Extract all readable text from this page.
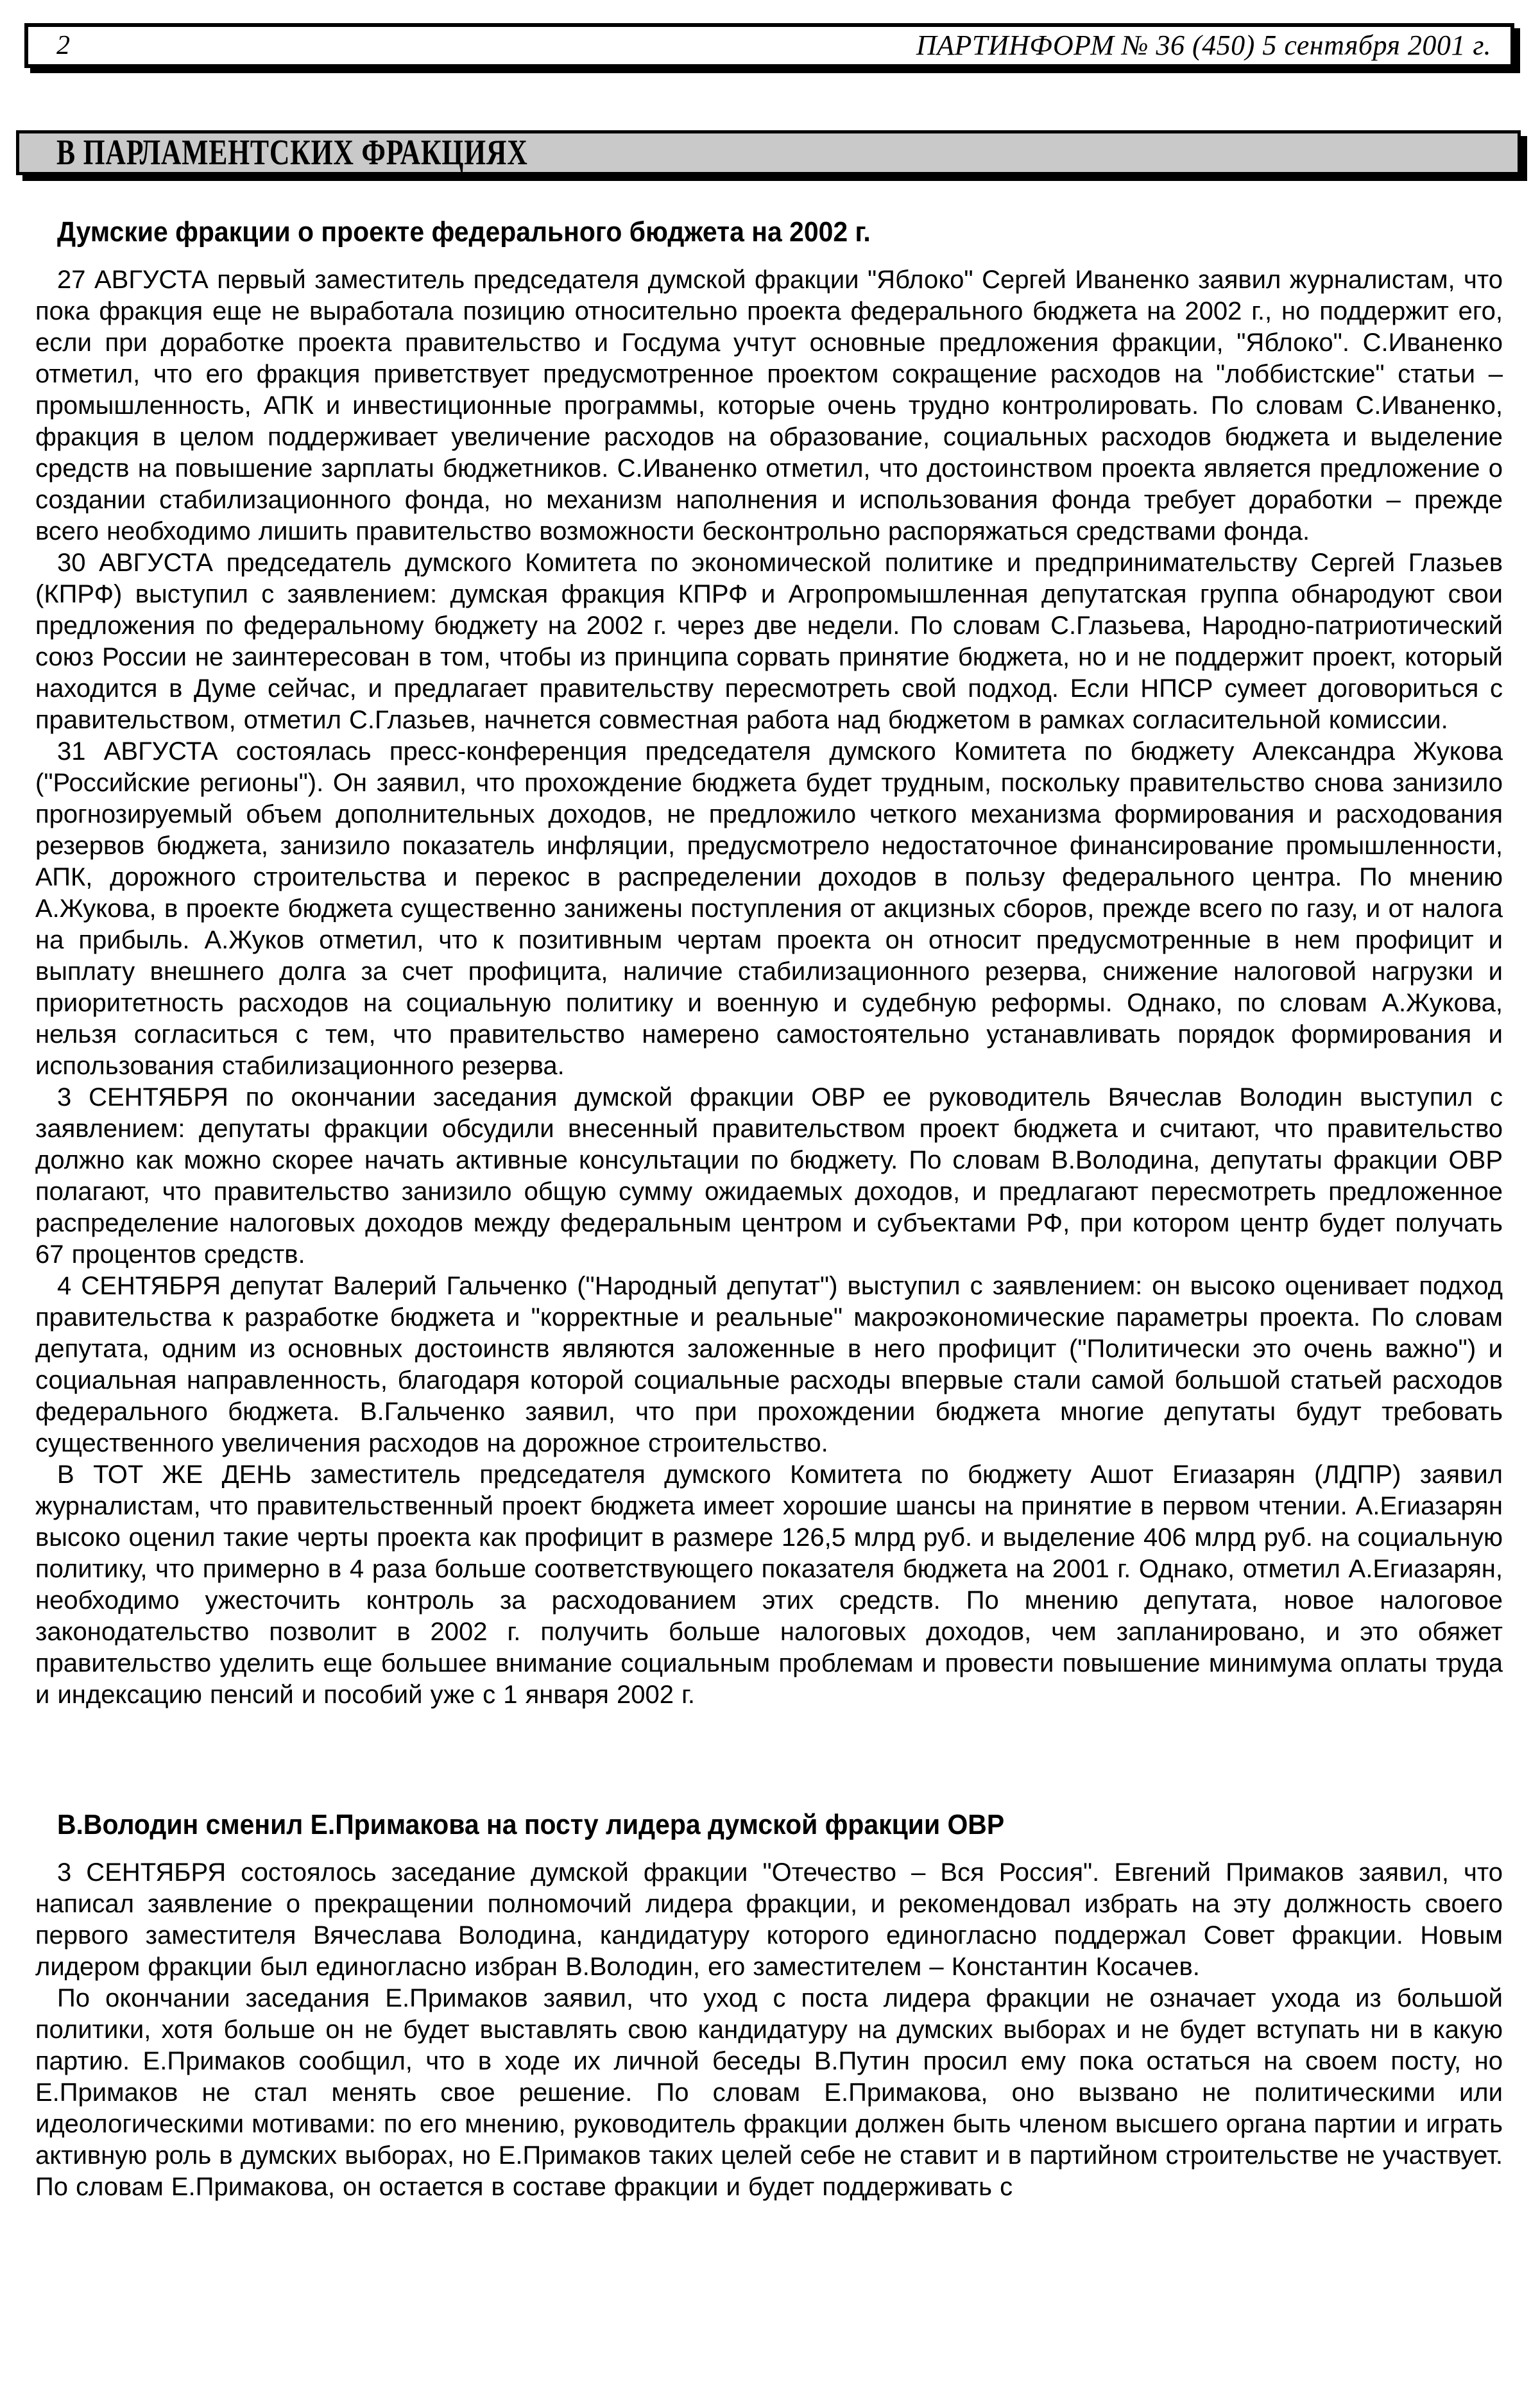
2	ПАРТИНФОРМ № 36 (450) 5 сентября 2001 г.
В ПАРЛАМЕНТСКИХ ФРАКЦИЯХ
Думские фракции о проекте федерального бюджета на 2002 г.

27 АВГУСТА первый заместитель председателя думской фракции "Яблоко" Сергей Иваненко заявил журналистам, что пока фракция еще не выработала позицию относительно проекта федерального бюджета на 2002 г., но поддержит его, если при доработке проекта правительство и Госдума учтут основные предложения фракции, "Яблоко". С.Иваненко отметил, что его фракция приветствует предусмотренное проектом сокращение расходов на "лоббистские" статьи – промышленность, АПК и инвестиционные программы, которые очень трудно контролировать. По словам С.Иваненко, фракция в целом поддерживает увеличение расходов на образование, социальных расходов бюджета и выделение средств на повышение зарплаты бюджетников. С.Иваненко отметил, что достоинством проекта является предложение о создании стабилизационного фонда, но механизм наполнения и использования фонда требует доработки – прежде всего необходимо лишить правительство возможности бесконтрольно распоряжаться средствами фонда.

30 АВГУСТА председатель думского Комитета по экономической политике и предпринимательству Сергей Глазьев (КПРФ) выступил с заявлением: думская фракция КПРФ и Агропромышленная депутатская группа обнародуют свои предложения по федеральному бюджету на 2002 г. через две недели. По словам С.Глазьева, Народно-патриотический союз России не заинтересован в том, чтобы из принципа сорвать принятие бюджета, но и не поддержит проект, который находится в Думе сейчас, и предлагает правительству пересмотреть свой подход. Если НПСР сумеет договориться с правительством, отметил С.Глазьев, начнется совместная работа над бюджетом в рамках согласительной комиссии.

31 АВГУСТА состоялась пресс-конференция председателя думского Комитета по бюджету Александра Жукова ("Российские регионы"). Он заявил, что прохождение бюджета будет трудным, поскольку правительство снова занизило прогнозируемый объем дополнительных доходов, не предложило четкого механизма формирования и расходования резервов бюджета, занизило показатель инфляции, предусмотрело недостаточное финансирование промышленности, АПК, дорожного строительства и перекос в распределении доходов в пользу федерального центра. По мнению А.Жукова, в проекте бюджета существенно занижены поступления от акцизных сборов, прежде всего по газу, и от налога на прибыль. А.Жуков отметил, что к позитивным чертам проекта он относит предусмотренные в нем профицит и выплату внешнего долга за счет профицита, наличие стабилизационного резерва, снижение налоговой нагрузки и приоритетность расходов на социальную политику и военную и судебную реформы. Однако, по словам А.Жукова, нельзя согласиться с тем, что правительство намерено самостоятельно устанавливать порядок формирования и использования стабилизационного резерва.

3 СЕНТЯБРЯ по окончании заседания думской фракции ОВР ее руководитель Вячеслав Володин выступил с заявлением: депутаты фракции обсудили внесенный правительством проект бюджета и считают, что правительство должно как можно скорее начать активные консультации по бюджету. По словам В.Володина, депутаты фракции ОВР полагают, что правительство занизило общую сумму ожидаемых доходов, и предлагают пересмотреть предложенное распределение налоговых доходов между федеральным центром и субъектами РФ, при котором центр будет получать 67 процентов средств.

4 СЕНТЯБРЯ депутат Валерий Гальченко ("Народный депутат") выступил с заявлением: он высоко оценивает подход правительства к разработке бюджета и "корректные и реальные" макроэкономические параметры проекта. По словам депутата, одним из основных достоинств являются заложенные в него профицит ("Политически это очень важно") и социальная направленность, благодаря которой социальные расходы впервые стали самой большой статьей расходов федерального бюджета. В.Гальченко заявил, что при прохождении бюджета многие депутаты будут требовать существенного увеличения расходов на дорожное строительство.

В ТОТ ЖЕ ДЕНЬ заместитель председателя думского Комитета по бюджету Ашот Егиазарян (ЛДПР) заявил журналистам, что правительственный проект бюджета имеет хорошие шансы на принятие в первом чтении. А.Егиазарян высоко оценил такие черты проекта как профицит в размере 126,5 млрд руб. и выделение 406 млрд руб. на социальную политику, что примерно в 4 раза больше соответствующего показателя бюджета на 2001 г. Однако, отметил А.Егиазарян, необходимо ужесточить контроль за расходованием этих средств. По мнению депутата, новое налоговое законодательство позволит в 2002 г. получить больше налоговых доходов, чем запланировано, и это обяжет правительство уделить еще большее внимание социальным проблемам и провести повышение минимума оплаты труда и индексацию пенсий и пособий уже с 1 января 2002 г.

В.Володин сменил Е.Примакова на посту лидера думской фракции ОВР

3 СЕНТЯБРЯ состоялось заседание думской фракции "Отечество – Вся Россия". Евгений Примаков заявил, что написал заявление о прекращении полномочий лидера фракции, и рекомендовал избрать на эту должность своего первого заместителя Вячеслава Володина, кандидатуру которого единогласно поддержал Совет фракции. Новым лидером фракции был единогласно избран В.Володин, его заместителем – Константин Косачев.

По окончании заседания Е.Примаков заявил, что уход с поста лидера фракции не означает ухода из большой политики, хотя больше он не будет выставлять свою кандидатуру на думских выборах и не будет вступать ни в какую партию. Е.Примаков сообщил, что в ходе их личной беседы В.Путин просил ему пока остаться на своем посту, но Е.Примаков не стал менять свое решение. По словам Е.Примакова, оно вызвано не политическими или идеологическими мотивами: по его мнению, руководитель фракции должен быть членом высшего органа партии и играть активную роль в думских выборах, но Е.Примаков таких целей себе не ставит и в партийном строительстве не участвует. По словам Е.Примакова, он остается в составе фракции и будет поддерживать с
